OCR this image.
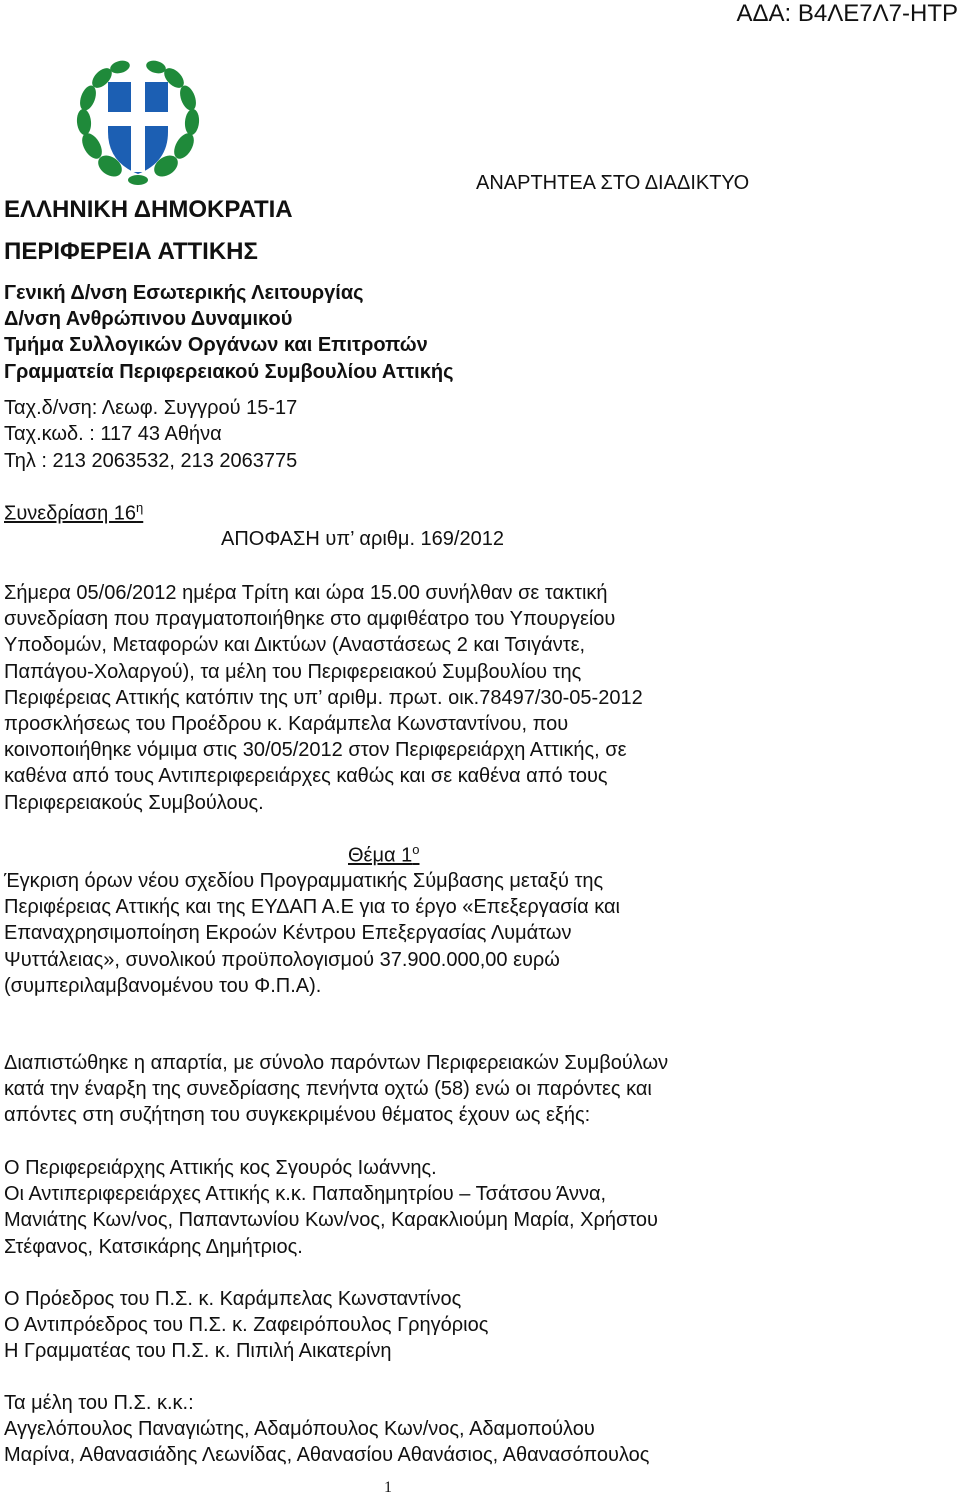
ΑΔΑ: Β4ΛΕ7Λ7-ΗΤΡ
ΑΝΑΡΤΗΤΕΑ ΣΤΟ ΔΙΑΔΙΚΤΥΟ
ΕΛΛΗΝΙΚΗ ΔΗΜΟΚΡΑΤΙΑ
ΠΕΡΙΦΕΡΕΙΑ ΑΤΤΙΚΗΣ
Γενική Δ/νση Εσωτερικής Λειτουργίας
Δ/νση Ανθρώπινου Δυναμικού
Τμήμα Συλλογικών Οργάνων και Επιτροπών
Γραμματεία Περιφερειακού Συμβουλίου Αττικής
Ταχ.δ/νση: Λεωφ. Συγγρού 15-17
Ταχ.κωδ. : 117 43 Αθήνα
Τηλ : 213 2063532, 213 2063775
Συνεδρίαση $16^\eta$
ΑΠΟΦΑΣΗ υπ’ αριθμ. 169/2012
Σήμερα 05/06/2012 ημέρα Τρίτη και ώρα 15.00 συνήλθαν σε τακτική
συνεδρίαση που πραγματοποιήθηκε στο αμφιθέατρο του Υπουργείου
Υποδομών, Μεταφορών και Δικτύων (Αναστάσεως 2 και Τσιγάντε,
Παπάγου-Χολαργού), τα μέλη του Περιφερειακού Συμβουλίου της
Περιφέρειας Αττικής κατόπιν της υπ’ αριθμ. πρωτ. οικ.78497/30-05-2012
προσκλήσεως του Προέδρου κ. Καράμπελα Κωνσταντίνου, που
κοινοποιήθηκε νόμιμα στις 30/05/2012 στον Περιφερειάρχη Αττικής, σε
καθένα από τους Αντιπεριφερειάρχες καθώς και σε καθένα από τους
Περιφερειακούς Συμβούλους.
Θέμα $1^o$
Έγκριση όρων νέου σχεδίου Προγραμματικής Σύμβασης μεταξύ της
Περιφέρειας Αττικής και της ΕΥΔΑΠ Α.Ε για το έργο «Επεξεργασία και
Επαναχρησιμοποίηση Εκροών Κέντρου Επεξεργασίας Λυμάτων
Ψυττάλειας», συνολικού προϋπολογισμού 37.900.000,00 ευρώ
(συμπεριλαμβανομένου του Φ.Π.Α).
Διαπιστώθηκε η απαρτία, με σύνολο παρόντων Περιφερειακών Συμβούλων
κατά την έναρξη της συνεδρίασης πενήντα οχτώ (58) ενώ οι παρόντες και
απόντες στη συζήτηση του συγκεκριμένου θέματος έχουν ως εξής:
Ο Περιφερειάρχης Αττικής κος Σγουρός Ιωάννης.
Οι Αντιπεριφερειάρχες Αττικής κ.κ. Παπαδημητρίου – Τσάτσου Άννα,
Μανιάτης Κων/νος, Παπαντωνίου Κων/νος, Καρακλιούμη Μαρία, Χρήστου
Στέφανος, Κατσικάρης Δημήτριος.
Ο Πρόεδρος του Π.Σ. κ. Καράμπελας Κωνσταντίνος
Ο Αντιπρόεδρος του Π.Σ. κ. Ζαφειρόπουλος Γρηγόριος
Η Γραμματέας του Π.Σ. κ. Πιπιλή Αικατερίνη
Τα μέλη του Π.Σ. κ.κ.:
Αγγελόπουλος Παναγιώτης, Αδαμόπουλος Κων/νος, Αδαμοπούλου
Μαρίνα, Αθανασιάδης Λεωνίδας, Αθανασίου Αθανάσιος, Αθανασόπουλος
1
